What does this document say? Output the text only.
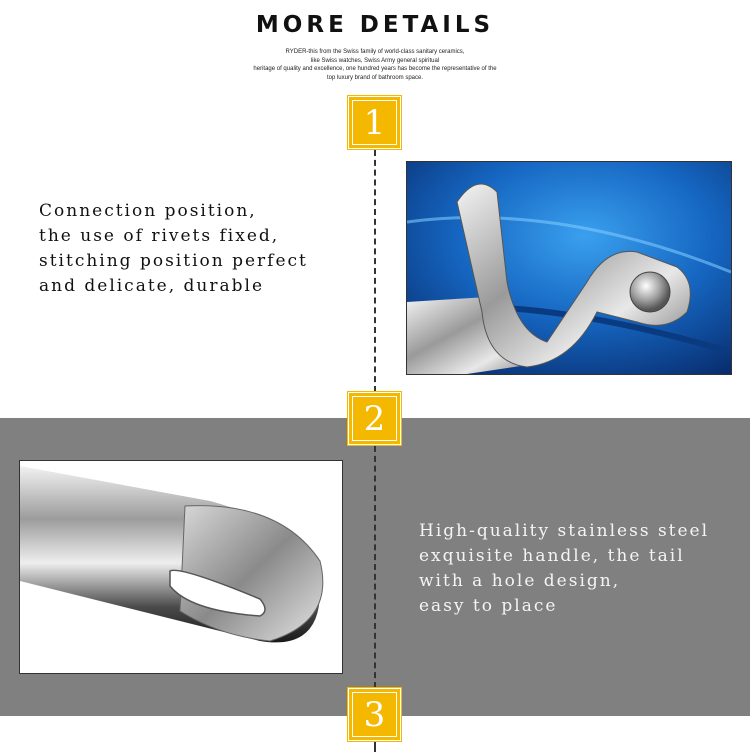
MORE DETAILS
RYDER-this from the Swiss family of world-class sanitary ceramics,
like Swiss watches, Swiss Army general spiritual
heritage of quality and excellence, one hundred years has become the representative of the
top luxury brand of bathroom space.
1
2
3
Connection position,
the use of rivets fixed,
stitching position perfect
and delicate, durable
High-quality stainless steel
exquisite handle, the tail
with a hole design,
easy to place
